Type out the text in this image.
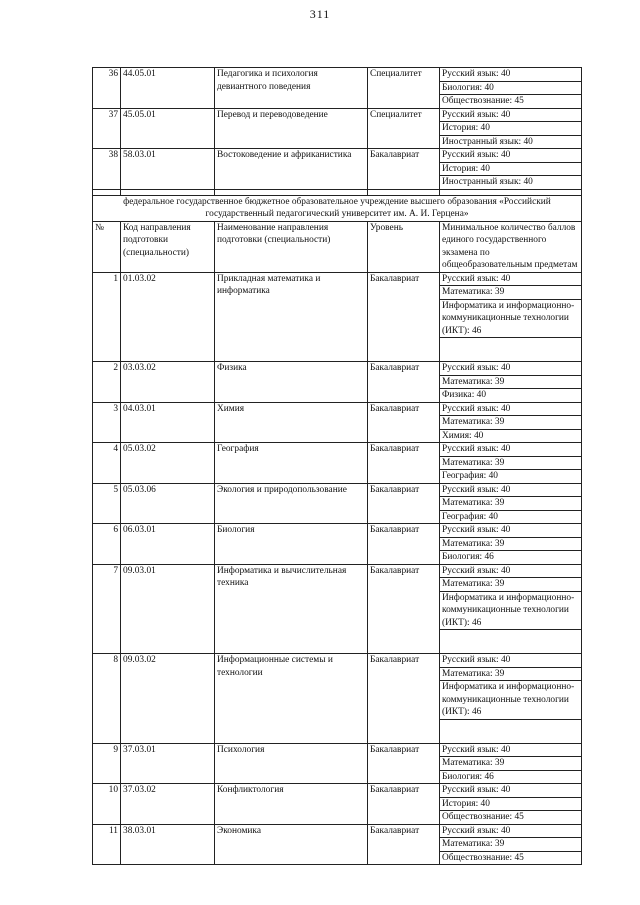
311
36	44.05.01	Педагогика и психология девиантного поведения	Специалитет	Русский язык: 40
				Биология: 40
				Обществознание: 45
37	45.05.01	Перевод и переводоведение	Специалитет	Русский язык: 40
				История: 40
				Иностранный язык: 40
38	58.03.01	Востоковедение и африканистика	Бакалавриат	Русский язык: 40
				История: 40
				Иностранный язык: 40

федеральное государственное бюджетное образовательное учреждение высшего образования «Российский государственный педагогический университет им. А. И. Герцена»				
№	Код направления подготовки (специальности)	Наименование направления подготовки (специальности)	Уровень	Минимальное количество баллов единого государственного экзамена по общеобразовательным предметам
1	01.03.02	Прикладная математика и информатика	Бакалавриат	Русский язык: 40
				Математика: 39
				Информатика и информационно-коммуникационные технологии (ИКТ): 46

2	03.03.02	Физика	Бакалавриат	Русский язык: 40
				Математика: 39
				Физика: 40
3	04.03.01	Химия	Бакалавриат	Русский язык: 40
				Математика: 39
				Химия: 40
4	05.03.02	География	Бакалавриат	Русский язык: 40
				Математика: 39
				География: 40
5	05.03.06	Экология и природопользование	Бакалавриат	Русский язык: 40
				Математика: 39
				География: 40
6	06.03.01	Биология	Бакалавриат	Русский язык: 40
				Математика: 39
				Биология: 46
7	09.03.01	Информатика и вычислительная техника	Бакалавриат	Русский язык: 40
				Математика: 39
				Информатика и информационно-коммуникационные технологии (ИКТ): 46

8	09.03.02	Информационные системы и технологии	Бакалавриат	Русский язык: 40
				Математика: 39
				Информатика и информационно-коммуникационные технологии (ИКТ): 46

9	37.03.01	Психология	Бакалавриат	Русский язык: 40
				Математика: 39
				Биология: 46
10	37.03.02	Конфликтология	Бакалавриат	Русский язык: 40
				История: 40
				Обществознание: 45
11	38.03.01	Экономика	Бакалавриат	Русский язык: 40
				Математика: 39
				Обществознание: 45
